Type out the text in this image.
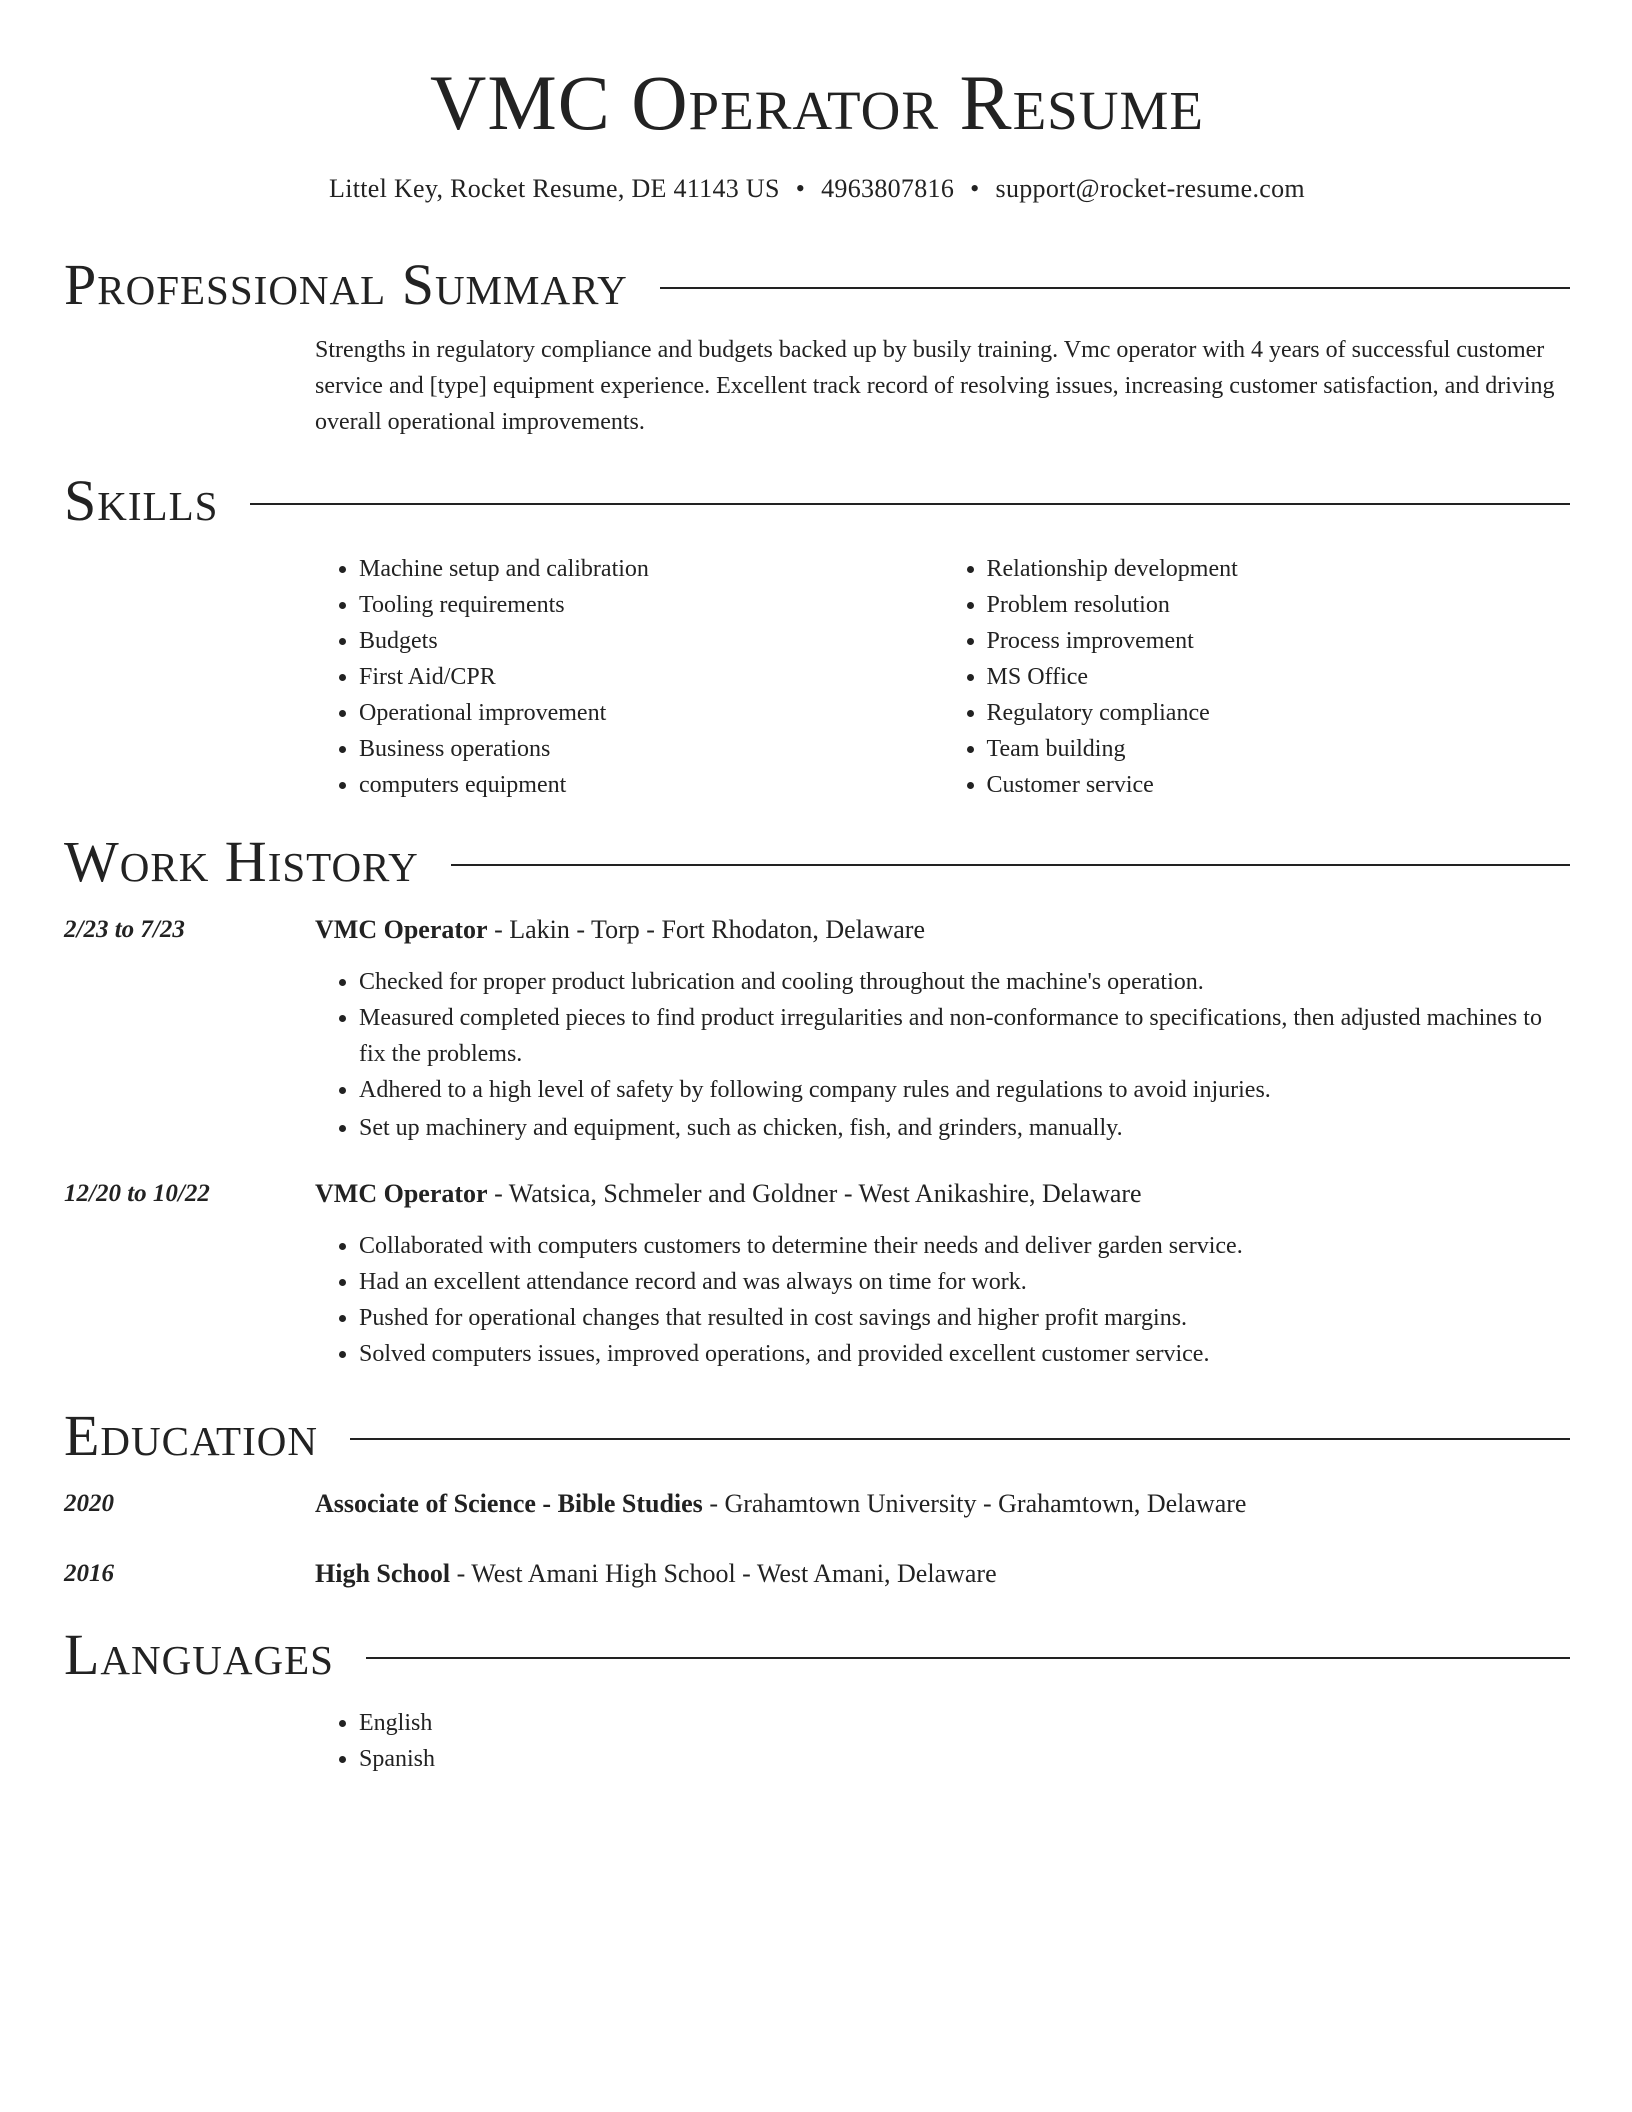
VMC Operator Resume
Littel Key, Rocket Resume, DE 41143 US • 4963807816 • support@rocket-resume.com
Professional Summary

Strengths in regulatory compliance and budgets backed up by busily training. Vmc operator with 4 years of successful customer service and [type] equipment experience. Excellent track record of resolving issues, increasing customer satisfaction, and driving overall operational improvements.

Skills
• Machine setup and calibration
• Tooling requirements
• Budgets
• First Aid/CPR
• Operational improvement
• Business operations
• computers equipment
• Relationship development
• Problem resolution
• Process improvement
• MS Office
• Regulatory compliance
• Team building
• Customer service
Work History
2/23 to 7/23	VMC Operator - Lakin - Torp - Fort Rhodaton, Delaware
• Checked for proper product lubrication and cooling throughout the machine's operation.
• Measured completed pieces to find product irregularities and non-conformance to specifications, then adjusted machines to fix the problems.
• Adhered to a high level of safety by following company rules and regulations to avoid injuries.
• Set up machinery and equipment, such as chicken, fish, and grinders, manually.
12/20 to 10/22	VMC Operator - Watsica, Schmeler and Goldner - West Anikashire, Delaware
• Collaborated with computers customers to determine their needs and deliver garden service.
• Had an excellent attendance record and was always on time for work.
• Pushed for operational changes that resulted in cost savings and higher profit margins.
• Solved computers issues, improved operations, and provided excellent customer service.
Education
2020	Associate of Science - Bible Studies - Grahamtown University - Grahamtown, Delaware
2016	High School - West Amani High School - West Amani, Delaware
Languages
• English
• Spanish
